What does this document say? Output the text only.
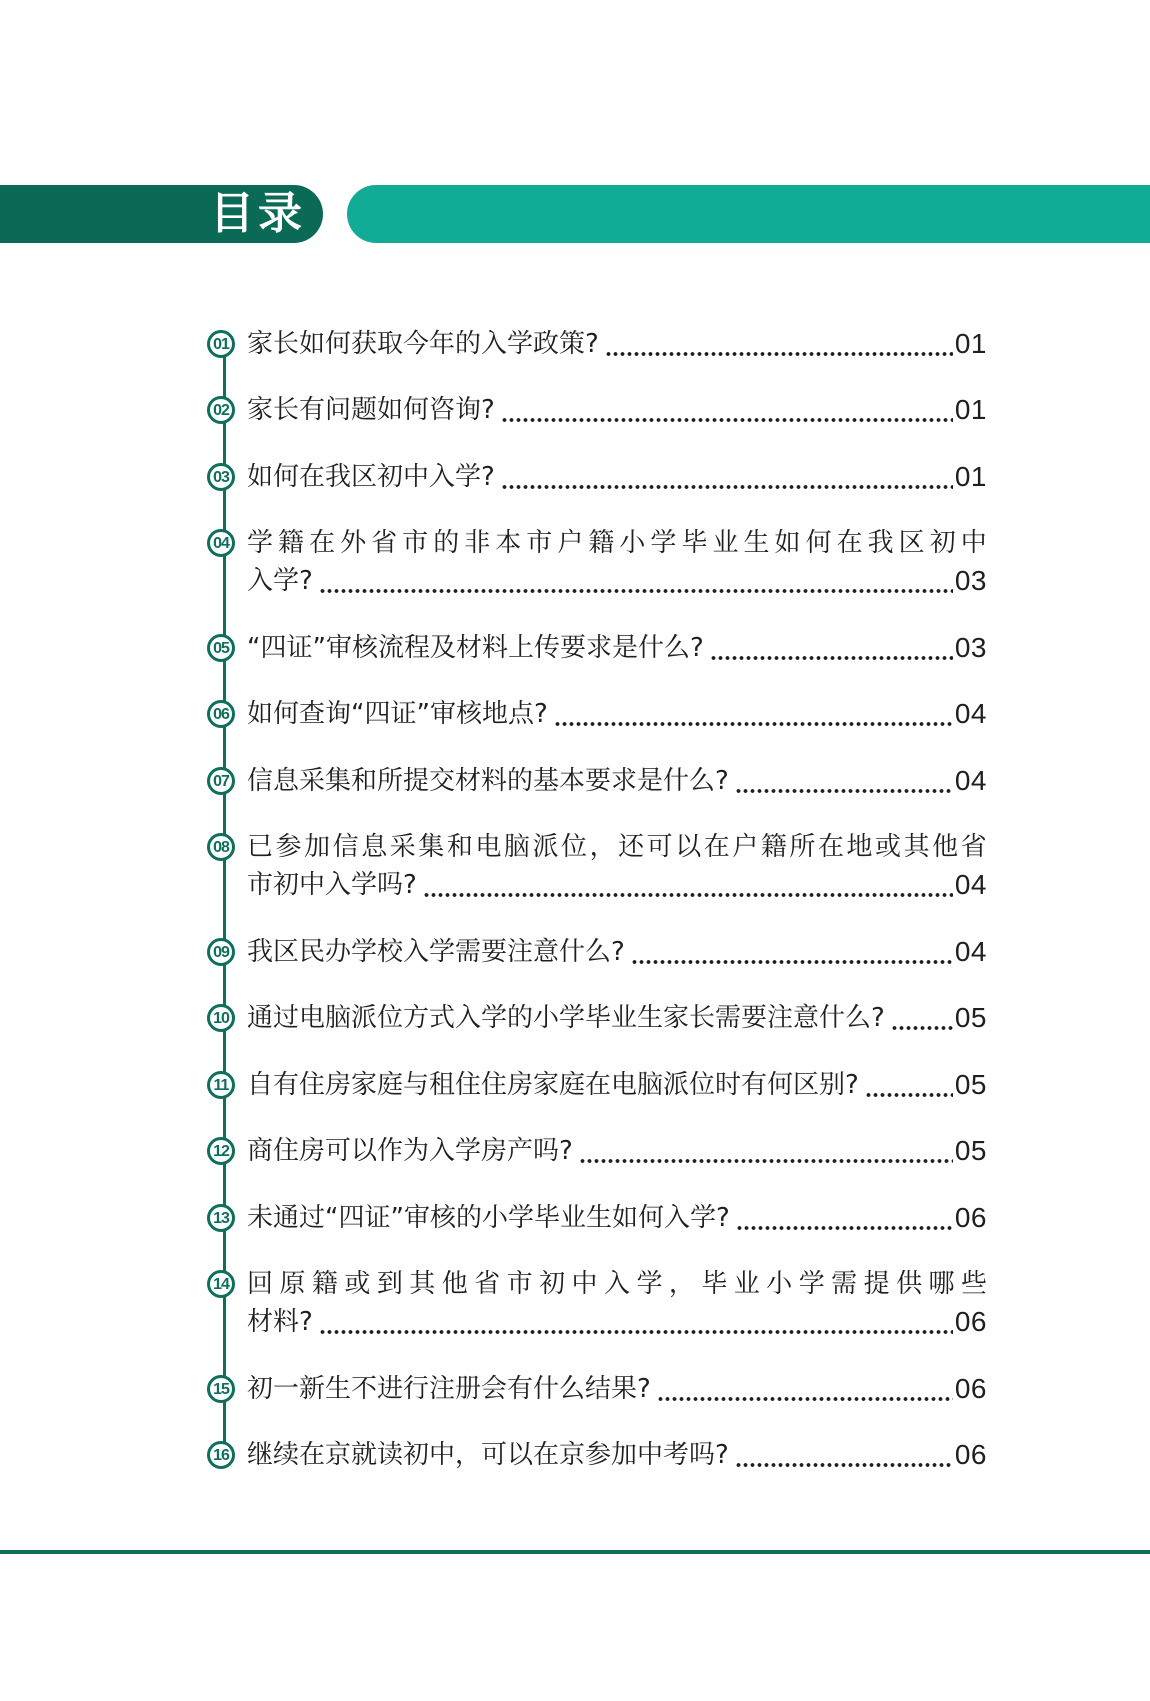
目录
01 家长如何获取今年的入学政策?	01
02 家长有问题如何咨询?	01
03 如何在我区初中入学?	01
04 学 籍 在 外 省 市 的 非 本 市 户 籍 小 学 毕 业 生 如 何 在 我 区 初 中
入学?	03
05 “四证”审核流程及材料上传要求是什么?	03
06 如何查询“四证”审核地点?	04
07 信息采集和所提交材料的基本要求是什么?	04
08 已 参 加 信 息 采 集 和 电 脑 派 位 ， 还 可 以 在 户 籍 所 在 地 或 其 他 省
市初中入学吗?	04
09 我区民办学校入学需要注意什么?	04
10 通过电脑派位方式入学的小学毕业生家长需要注意什么?	05
11 自有住房家庭与租住住房家庭在电脑派位时有何区别?	05
12 商住房可以作为入学房产吗?	05
13 未通过“四证”审核的小学毕业生如何入学?	06
14 回 原 籍 或 到 其 他 省 市 初 中 入 学 ， 毕 业 小 学 需 提 供 哪 些
材料?	06
15 初一新生不进行注册会有什么结果?	06
16 继续在京就读初中，可以在京参加中考吗?	06
